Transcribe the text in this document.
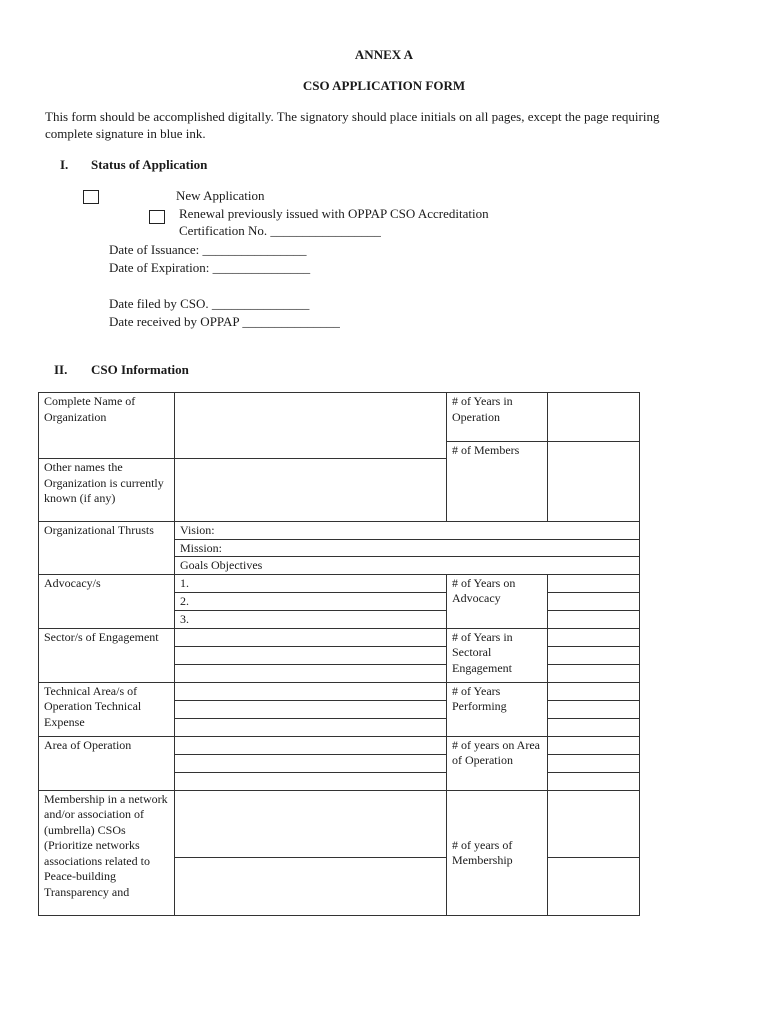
ANNEX A
CSO APPLICATION FORM
This form should be accomplished digitally. The signatory should place initials on all pages, except the page requiring
complete signature in blue ink.
I. Status of Application
New Application
Renewal previously issued with OPPAP CSO Accreditation
Certification No. _________________
Date of Issuance: ________________
Date of Expiration: _______________
Date filed by CSO. _______________
Date received by OPPAP _______________
II. CSO Information
Complete Name of Organization		# of Years in Operation	
		# of Members	
Other names the Organization is currently known (if any)			
Organizational Thrusts	Vision:		
	Mission:		
	Goals Objectives		
Advocacy/s	1.	# of Years on Advocacy	
	2.		
	3.		
Sector/s of Engagement		# of Years in Sectoral Engagement	

Technical Area/s of Operation Technical Expense		# of Years Performing	

Area of Operation		# of years on Area of Operation	

Membership in a network and/or association of (umbrella) CSOs (Prioritize networks associations related to Peace-building Transparency and		# of years of Membership	
